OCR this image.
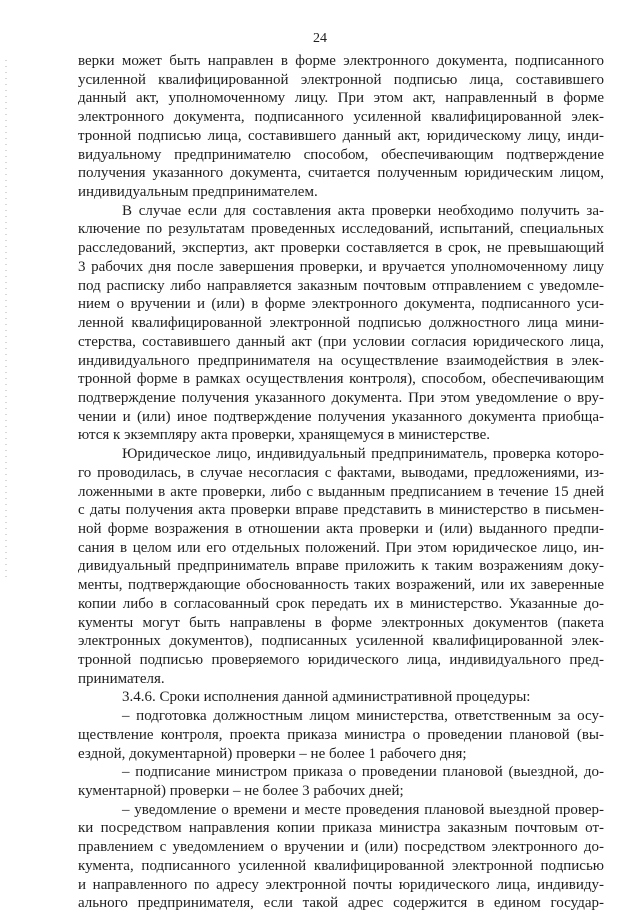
24
верки может быть направлен в форме электронного документа, подписанного
усиленной квалифицированной электронной подписью лица, составившего
данный акт, уполномоченному лицу. При этом акт, направленный в форме
электронного документа, подписанного усиленной квалифицированной элек-
тронной подписью лица, составившего данный акт, юридическому лицу, инди-
видуальному предпринимателю способом, обеспечивающим подтверждение
получения указанного документа, считается полученным юридическим лицом,
индивидуальным предпринимателем.
В случае если для составления акта проверки необходимо получить за-
ключение по результатам проведенных исследований, испытаний, специальных
расследований, экспертиз, акт проверки составляется в срок, не превышающий
3 рабочих дня после завершения проверки, и вручается уполномоченному лицу
под расписку либо направляется заказным почтовым отправлением с уведомле-
нием о вручении и (или) в форме электронного документа, подписанного уси-
ленной квалифицированной электронной подписью должностного лица мини-
стерства, составившего данный акт (при условии согласия юридического лица,
индивидуального предпринимателя на осуществление взаимодействия в элек-
тронной форме в рамках осуществления контроля), способом, обеспечивающим
подтверждение получения указанного документа. При этом уведомление о вру-
чении и (или) иное подтверждение получения указанного документа приобща-
ются к экземпляру акта проверки, хранящемуся в министерстве.
Юридическое лицо, индивидуальный предприниматель, проверка которо-
го проводилась, в случае несогласия с фактами, выводами, предложениями, из-
ложенными в акте проверки, либо с выданным предписанием в течение 15 дней
с даты получения акта проверки вправе представить в министерство в письмен-
ной форме возражения в отношении акта проверки и (или) выданного предпи-
сания в целом или его отдельных положений. При этом юридическое лицо, ин-
дивидуальный предприниматель вправе приложить к таким возражениям доку-
менты, подтверждающие обоснованность таких возражений, или их заверенные
копии либо в согласованный срок передать их в министерство. Указанные до-
кументы могут быть направлены в форме электронных документов (пакета
электронных документов), подписанных усиленной квалифицированной элек-
тронной подписью проверяемого юридического лица, индивидуального пред-
принимателя.
3.4.6. Сроки исполнения данной административной процедуры:
– подготовка должностным лицом министерства, ответственным за осу-
ществление контроля, проекта приказа министра о проведении плановой (вы-
ездной, документарной) проверки – не более 1 рабочего дня;
– подписание министром приказа о проведении плановой (выездной, до-
кументарной) проверки – не более 3 рабочих дней;
– уведомление о времени и месте проведения плановой выездной провер-
ки посредством направления копии приказа министра заказным почтовым от-
правлением с уведомлением о вручении и (или) посредством электронного до-
кумента, подписанного усиленной квалифицированной электронной подписью
и направленного по адресу электронной почты юридического лица, индивиду-
ального предпринимателя, если такой адрес содержится в едином государ-
